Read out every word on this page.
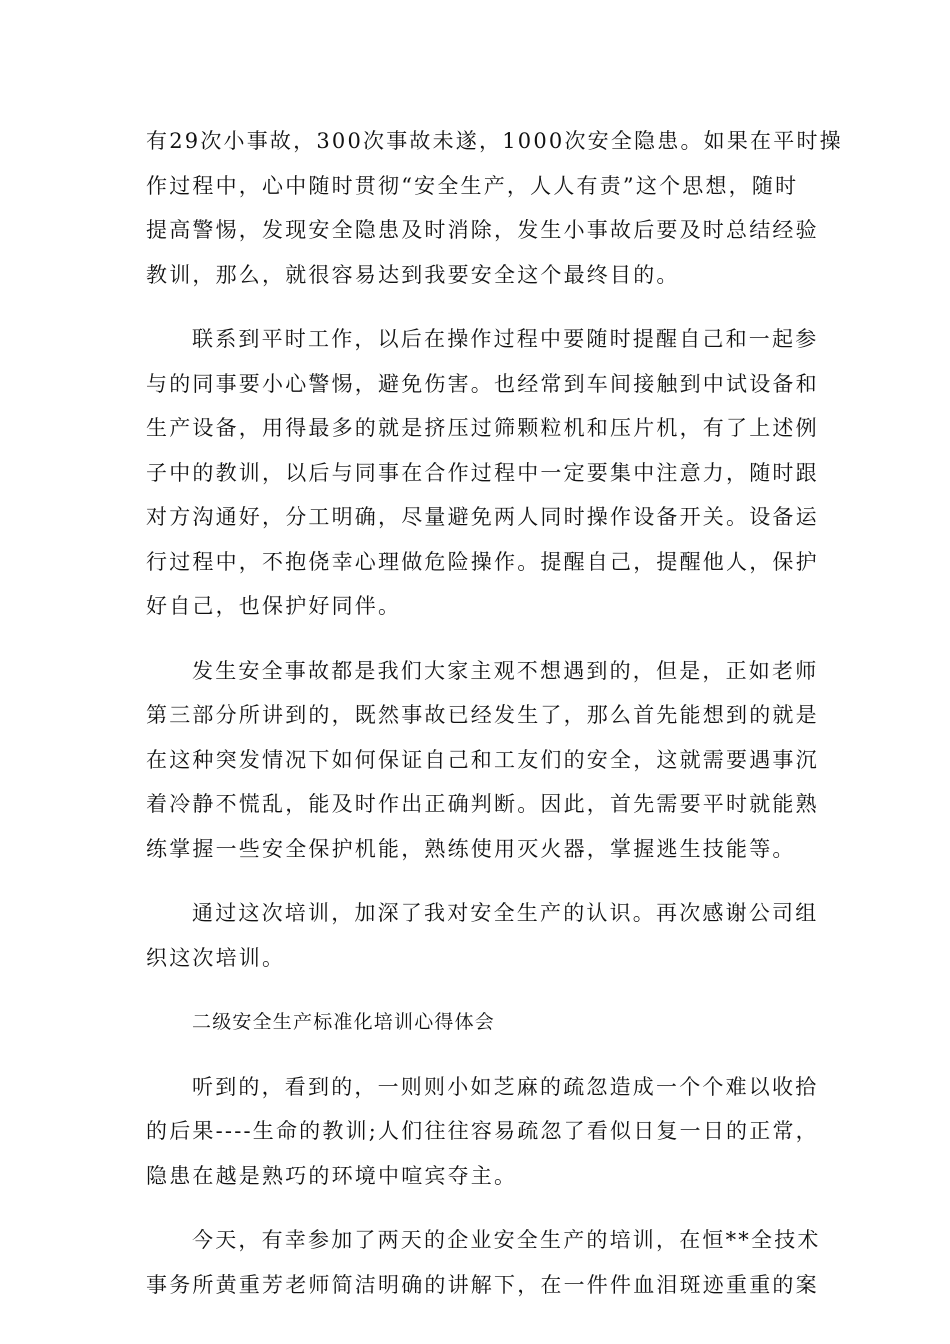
有29次小事故，300次事故未遂，1000次安全隐患。如果在平时操
作过程中，心中随时贯彻“安全生产，人人有责”这个思想，随时
提高警惕，发现安全隐患及时消除，发生小事故后要及时总结经验
教训，那么，就很容易达到我要安全这个最终目的。

联系到平时工作，以后在操作过程中要随时提醒自己和一起参
与的同事要小心警惕，避免伤害。也经常到车间接触到中试设备和
生产设备，用得最多的就是挤压过筛颗粒机和压片机，有了上述例
子中的教训，以后与同事在合作过程中一定要集中注意力，随时跟
对方沟通好，分工明确，尽量避免两人同时操作设备开关。设备运
行过程中，不抱侥幸心理做危险操作。提醒自己，提醒他人，保护
好自己，也保护好同伴。

发生安全事故都是我们大家主观不想遇到的，但是，正如老师
第三部分所讲到的，既然事故已经发生了，那么首先能想到的就是
在这种突发情况下如何保证自己和工友们的安全，这就需要遇事沉
着冷静不慌乱，能及时作出正确判断。因此，首先需要平时就能熟
练掌握一些安全保护机能，熟练使用灭火器，掌握逃生技能等。

通过这次培训，加深了我对安全生产的认识。再次感谢公司组
织这次培训。

二级安全生产标准化培训心得体会

听到的，看到的，一则则小如芝麻的疏忽造成一个个难以收拾
的后果----生命的教训;人们往往容易疏忽了看似日复一日的正常，
隐患在越是熟巧的环境中喧宾夺主。

今天，有幸参加了两天的企业安全生产的培训，在恒**全技术
事务所黄重芳老师简洁明确的讲解下，在一件件血泪斑迹重重的案
